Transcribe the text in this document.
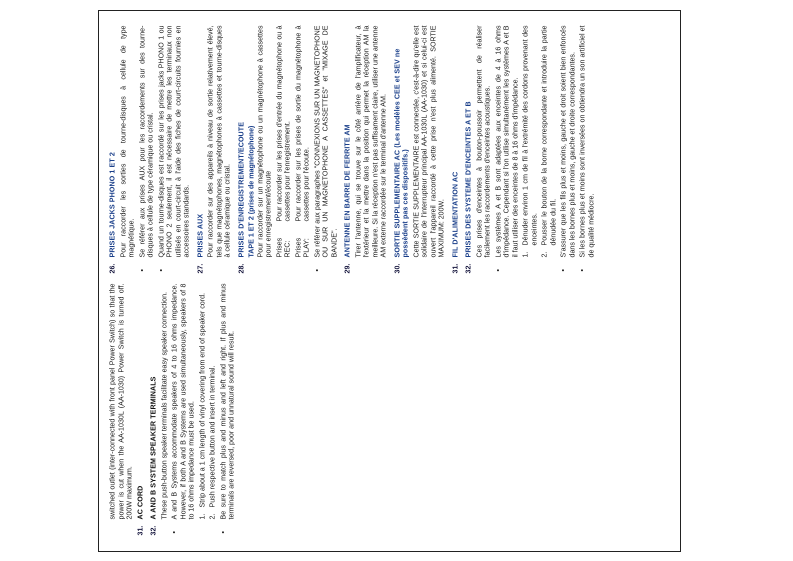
switched outlet (inter-connected with front panel Power Switch) so that the power is cut when the AA-1030L (AA-1030) Power Switch is turned off. 200W maximum.
31.
AC CORD
32.
A AND B SYSTEM SPEAKER TERMINALS These push-button speaker terminals facilitate easy speaker connection.
•
A and B Systems accommodate speakers of 4 to 16 ohms impedance. However, if both A and B Systems are used simultaneously, speakers of 8 to 16 ohms impedance must be used. 1.
Strip about a 1 cm length of vinyl covering from end of speaker cord.
2.
Push respective button and insert in terminal.
•
Be sure to match plus and minus and left and right. If plus and minus terminals are reversed, poor and unnatural sound will result.
26.
PRISES JACKS PHONO 1 ET 2 Pour raccorder les sorties de tourne-disques à cellule de type magnétique.
•
Se référer aux prises AUX pour les raccordements sur des tourne-disques à cellule de type céramique ou cristal.
•
Quand un tourne-disques est raccordé sur les prises jacks PHONO 1 ou PHONO 2 seulement, il est nécessaire de mettre les terminaux non utilisés en court-circuit à l'aide des fiches de court-circuits fournies en accessoires standards.
27.
PRISES AUX Pour raccorder sur des appareils à niveau de sortie relativement élevé, tels que magnétophones, magnétophones à cassettes et tourne-disques à cellule céramique ou cristal.
28.
PRISES D'ENREGISTREMENT/ECOUTE TAPE 1 ET 2 (prises de magnétophone) Pour raccorder sur un magnétophone ou un magnétophone à cassettes pour enregistrement/écoute Prises REC:
Pour raccorder sur les prises d'entrée du magnétophone ou à cassettes pour l'enregistrement.
Prises PLAY:
Pour raccorder sur les prises de sortie du magnétophone à cassettes pour l'écoute.
•
Se référer aux paragraphes "CONNEXIONS SUR UN MAGNETOPHONE OU SUR UN MAGNETOPHONE A CASSETTES" et "MIXAGE DE BANDE".
29.
ANTENNE EN BARRE DE FERRITE AM Tirer l'antenne, qui se trouve sur le côté arrière de l'amplificateur, à l'extérieur et la mettre dans la position qui permet la réception AM la meilleure. Si la réception n'est pas suffisament claire, utiliser une antenne AM externe raccordée sur le terminal d'antenne AM.
30.
SORTIE SUPPLEMENTAIRE AC (Les modèles CEE et SEV ne possèdent pas ces dispositifs.) Cette SORTIE SUPPLEMENTAIRE est connectée, c'est-à-dire qu'elle est solidaire de l'interrupteur principal AA-1030L (AA-1030) et si celui-ci est ouvert l'appareil raccordé à cette prise n'est plus alimenté. SORTIE MAXIMUM: 200W.
31.
FIL D'ALIMENTATION AC
32.
PRISES DES SYSTEME D'ENCEINTES A ET B Ces prises d'enceintes à bouton-poussoir permettent de réaliser facilement les raccordements d'enceintes acoustiques.
•
Les systèmes A et B sont adaptées aux enceintes de 4 à 16 ohms d'impédance. Cependant si l'on utilise simultanément les systèmes A et B il faut utiliser des enceintes de 8 à 16 ohms d'impédance. 1.
Dénuder environ 1 cm de fil à l'extrémité des cordons provenant des enceintes.
2.
Pousser le bouton de la borne correspondante et introduire la partie dénudée du fil.
•
S'assurer que les fils plus et moins, gauche et droit soient bien enfoncés dans les bornes plus et moins, gauche et droite correspondantes.
•
Si les bornes plus et moins sont inversées on obtiendra un son artificiel et de qualité médiocre.
